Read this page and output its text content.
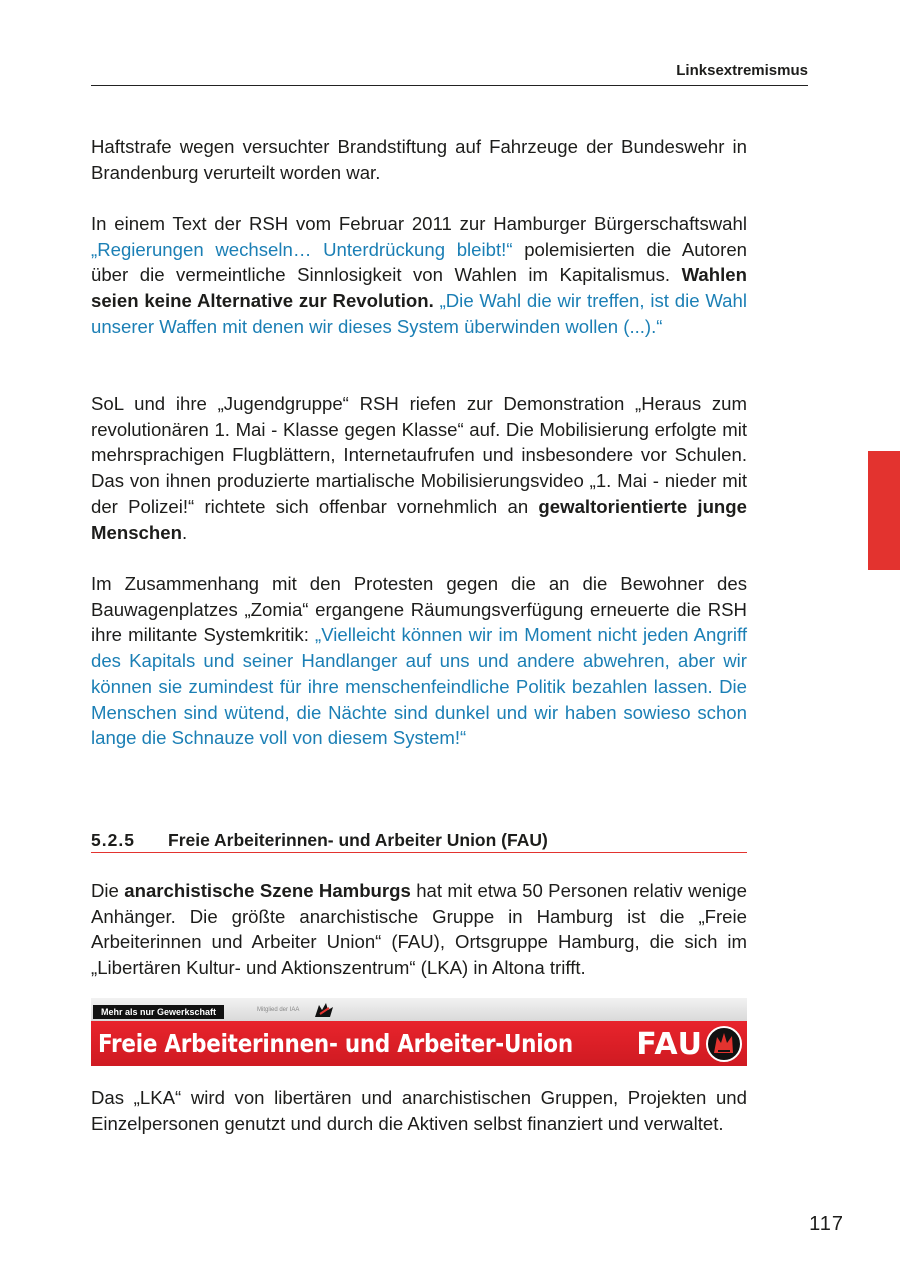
Linksextremismus

Haftstrafe wegen versuchter Brandstiftung auf Fahrzeuge der Bundeswehr in Brandenburg verurteilt worden war.

In einem Text der RSH vom Februar 2011 zur Hamburger Bürgerschaftswahl „Regierungen wechseln… Unterdrückung bleibt!“ polemisierten die Autoren über die vermeintliche Sinnlosigkeit von Wahlen im Kapitalismus. Wahlen seien keine Alternative zur Revolution. „Die Wahl die wir treffen, ist die Wahl unserer Waffen mit denen wir dieses System überwinden wollen (...).“

SoL und ihre „Jugendgruppe“ RSH riefen zur Demonstration „Heraus zum revolutionären 1. Mai - Klasse gegen Klasse“ auf. Die Mobilisierung erfolgte mit mehrsprachigen Flugblättern, Internetaufrufen und insbesondere vor Schulen. Das von ihnen produzierte martialische Mobilisierungsvideo „1. Mai - nieder mit der Polizei!“ richtete sich offenbar vornehmlich an gewaltorientierte junge Menschen.

Im Zusammenhang mit den Protesten gegen die an die Bewohner des Bauwagenplatzes „Zomia“ ergangene Räumungsverfügung erneuerte die RSH ihre militante Systemkritik: „Vielleicht können wir im Moment nicht jeden Angriff des Kapitals und seiner Handlanger auf uns und andere abwehren, aber wir können sie zumindest für ihre menschenfeindliche Politik bezahlen lassen. Die Menschen sind wütend, die Nächte sind dunkel und wir haben sowieso schon lange die Schnauze voll von diesem System!“

5.2.5 Freie Arbeiterinnen- und Arbeiter Union (FAU)

Die anarchistische Szene Hamburgs hat mit etwa 50 Personen relativ wenige Anhänger. Die größte anarchistische Gruppe in Hamburg ist die „Freie Arbeiterinnen und Arbeiter Union“ (FAU), Ortsgruppe Hamburg, die sich im „Libertären Kultur- und Aktionszentrum“ (LKA) in Altona trifft.

Mehr als nur Gewerkschaft	Mitglied der IAA
Freie Arbeiterinnen- und Arbeiter-Union FAU

Das „LKA“ wird von libertären und anarchistischen Gruppen, Projekten und Einzelpersonen genutzt und durch die Aktiven selbst finanziert und verwaltet.

117
